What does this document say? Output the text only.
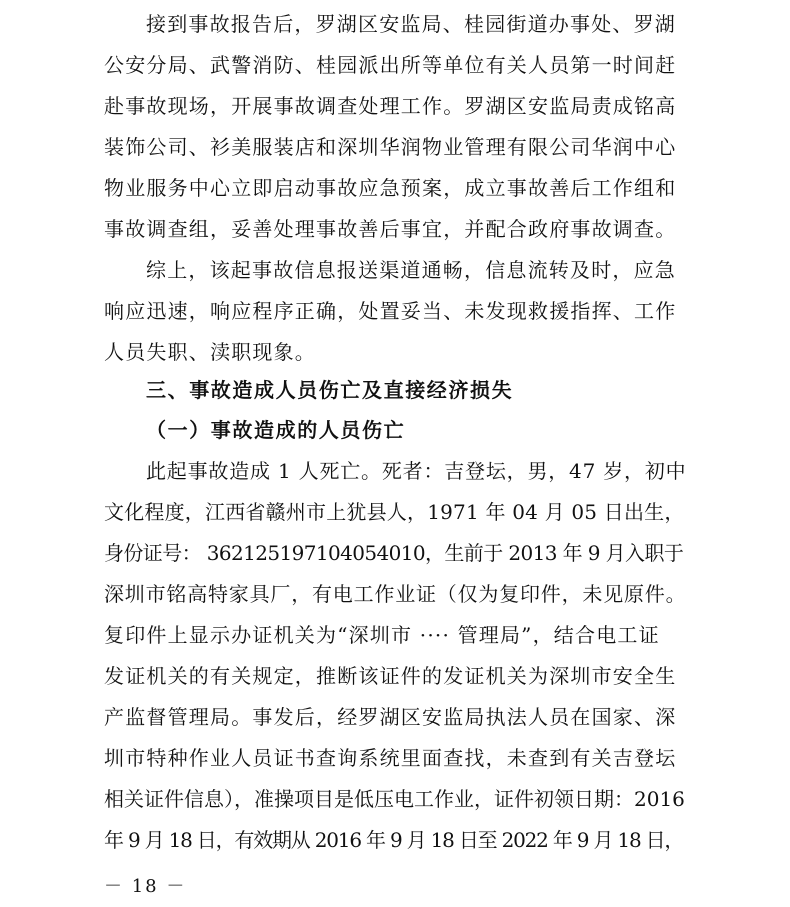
接到事故报告后，罗湖区安监局、桂园街道办事处、罗湖
公安分局、武警消防、桂园派出所等单位有关人员第一时间赶
赴事故现场，开展事故调查处理工作。罗湖区安监局责成铭高
装饰公司、衫美服装店和深圳华润物业管理有限公司华润中心
物业服务中心立即启动事故应急预案，成立事故善后工作组和
事故调查组，妥善处理事故善后事宜，并配合政府事故调查。
综上，该起事故信息报送渠道通畅，信息流转及时，应急
响应迅速，响应程序正确，处置妥当、未发现救援指挥、工作
人员失职、渎职现象。
三、事故造成人员伤亡及直接经济损失
（一）事故造成的人员伤亡
此起事故造成 1 人死亡。死者：吉登坛，男，47 岁，初中
文化程度，江西省赣州市上犹县人，1971 年 04 月 05 日出生，
身份证号： 362125197104054010，生前于 2013 年 9 月入职于
深圳市铭高特家具厂，有电工作业证（仅为复印件，未见原件。
复印件上显示办证机关为“深圳市 ···· 管理局”，结合电工证
发证机关的有关规定，推断该证件的发证机关为深圳市安全生
产监督管理局。事发后，经罗湖区安监局执法人员在国家、深
圳市特种作业人员证书查询系统里面查找，未查到有关吉登坛
相关证件信息），准操项目是低压电工作业，证件初领日期：2016
年 9 月 18 日，有效期从 2016 年 9 月 18 日至 2022 年 9 月 18 日，
－ 18 －
